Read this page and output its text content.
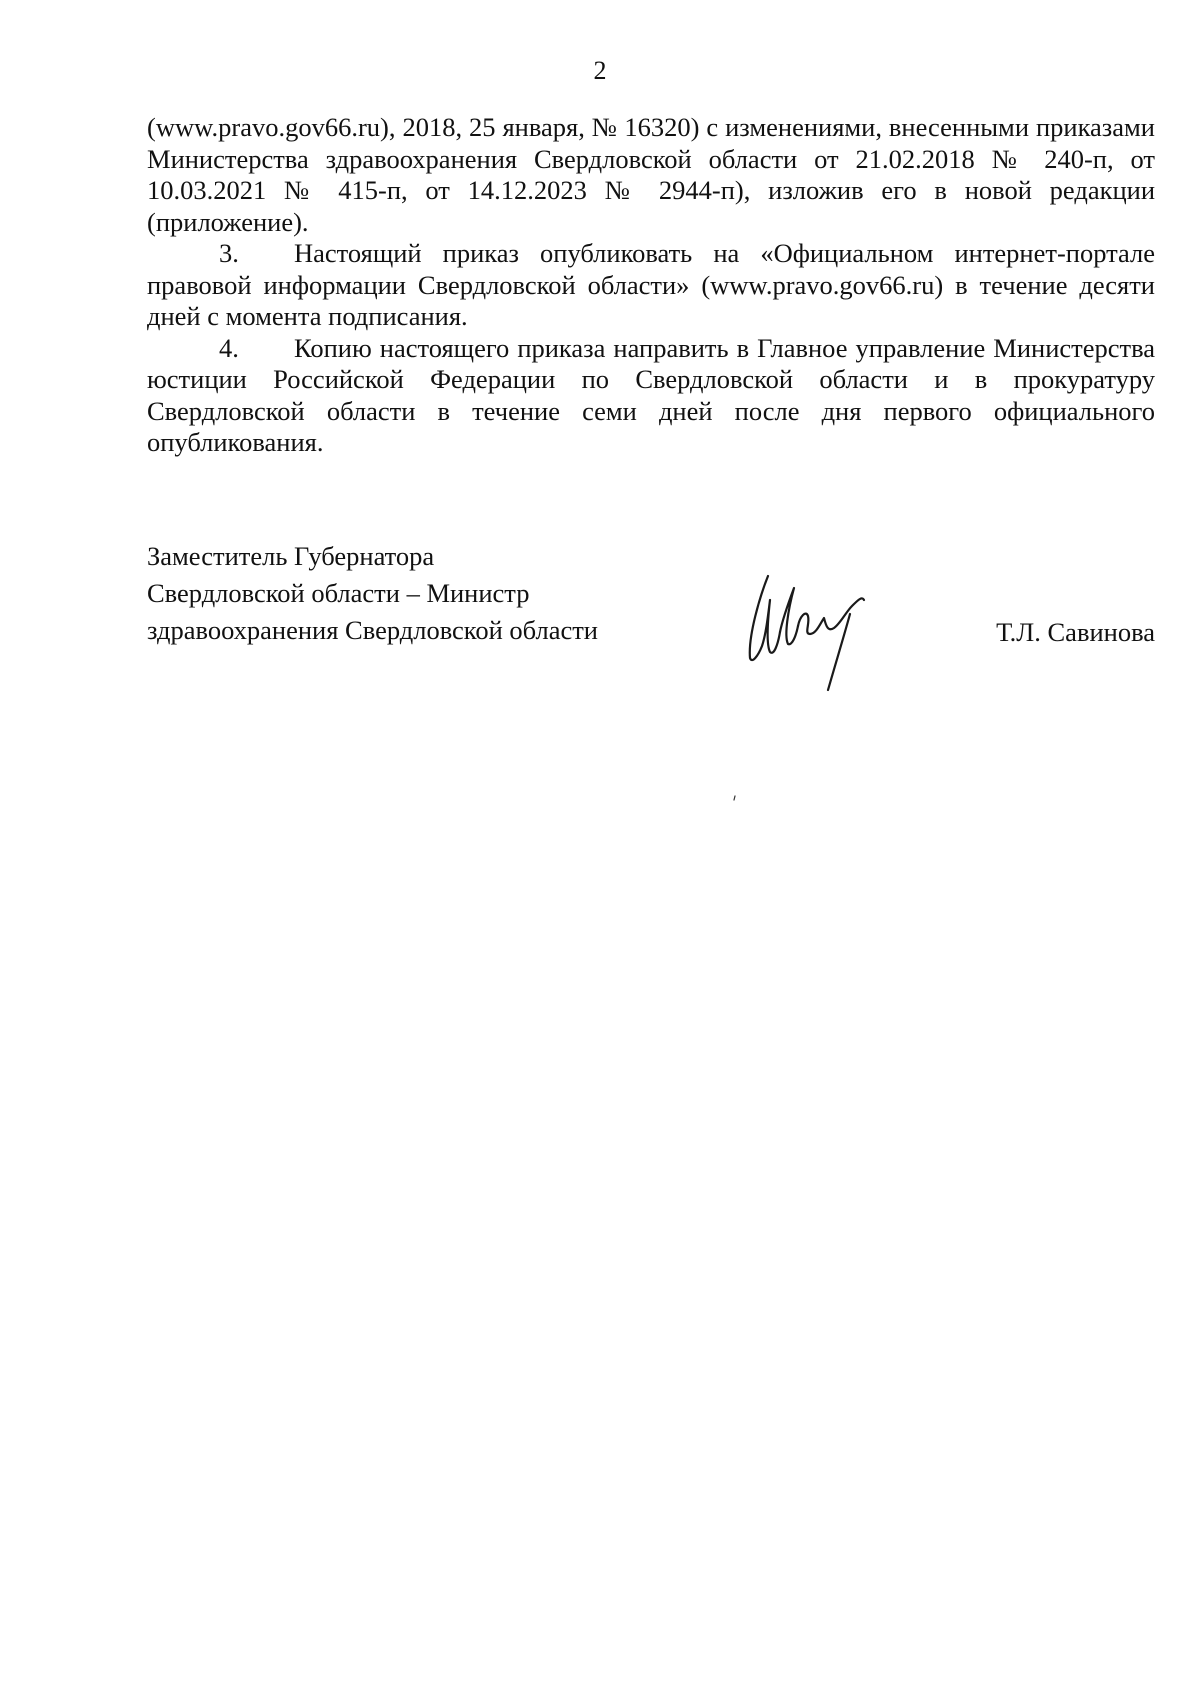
2

(www.pravo.gov66.ru), 2018, 25 января, № 16320) с изменениями, внесенными приказами Министерства здравоохранения Свердловской области от 21.02.2018 № 240-п, от 10.03.2021 № 415-п, от 14.12.2023 № 2944-п), изложив его в новой редакции (приложение).

3. Настоящий приказ опубликовать на «Официальном интернет-портале правовой информации Свердловской области» (www.pravo.gov66.ru) в течение десяти дней с момента подписания.

4. Копию настоящего приказа направить в Главное управление Министерства юстиции Российской Федерации по Свердловской области и в прокуратуру Свердловской области в течение семи дней после дня первого официального опубликования.

Заместитель Губернатора
Свердловской области – Министр
здравоохранения Свердловской области	Т.Л. Савинова
